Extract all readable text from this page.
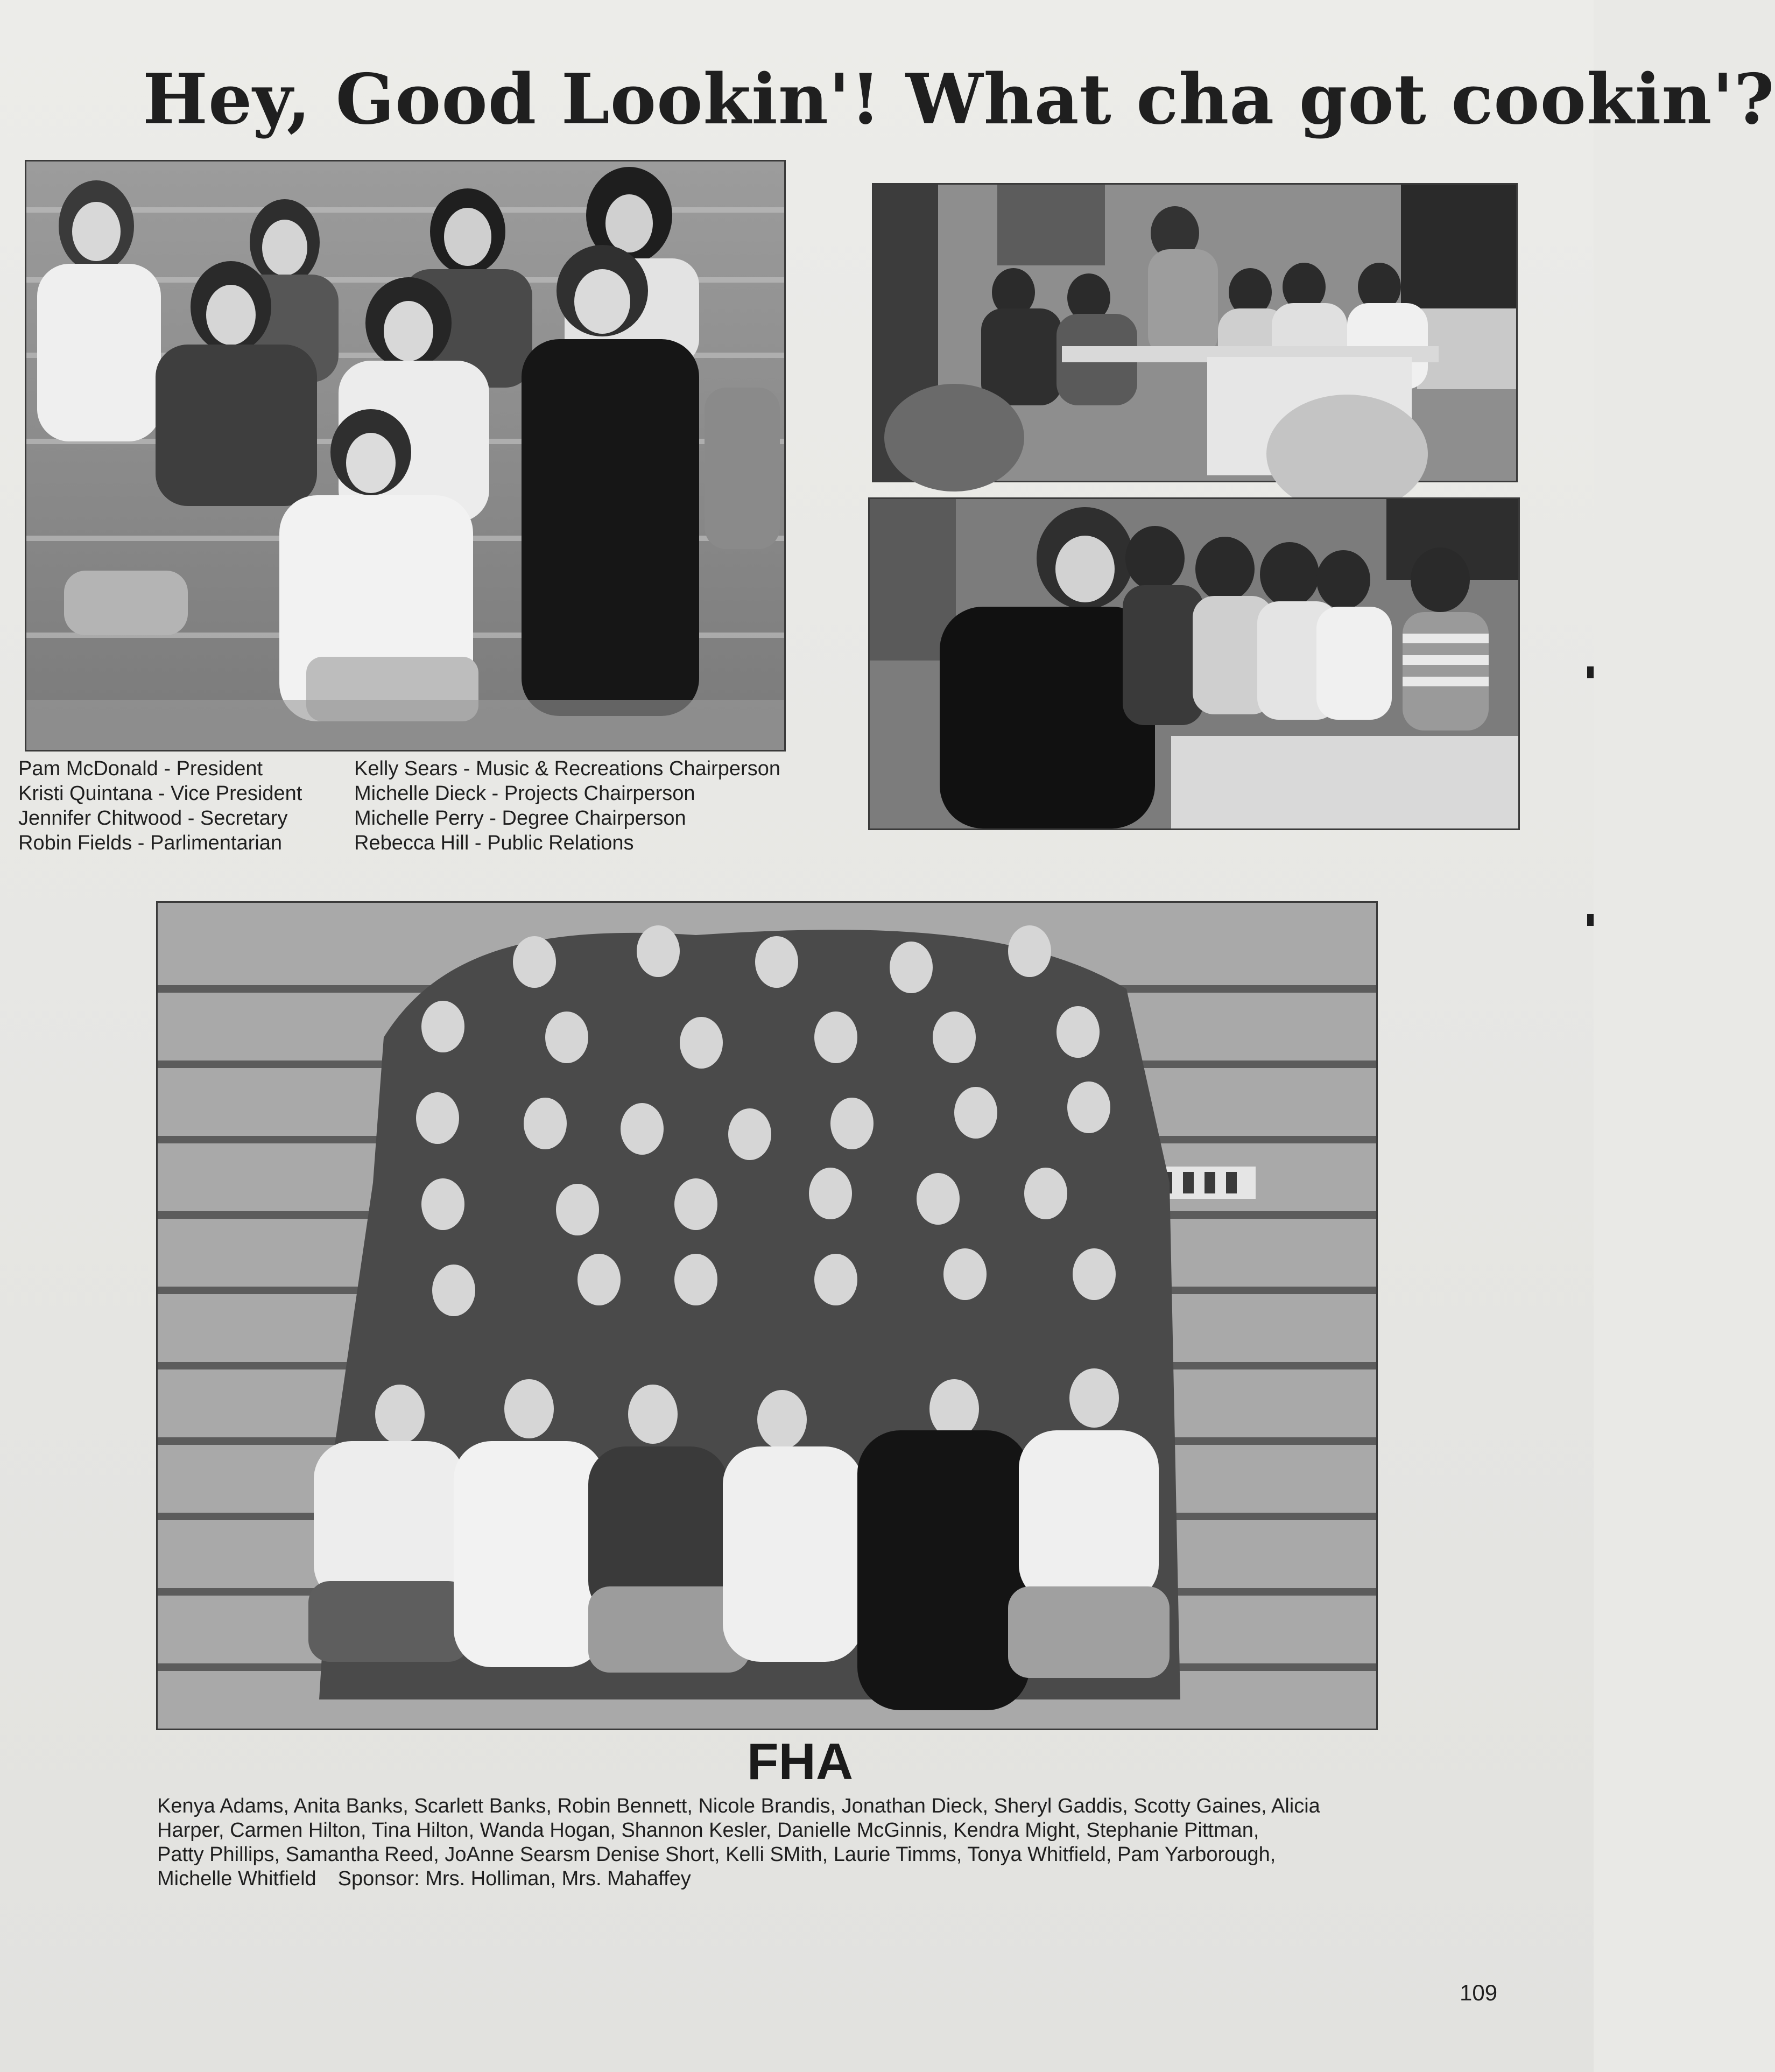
Hey, Good Lookin'! What cha got cookin'?
Pam McDonald - President
Kristi Quintana - Vice President
Jennifer Chitwood - Secretary
Robin Fields - Parlimentarian
Kelly Sears - Music & Recreations Chairperson
Michelle Dieck - Projects Chairperson
Michelle Perry - Degree Chairperson
Rebecca Hill - Public Relations
FHA
Kenya Adams, Anita Banks, Scarlett Banks, Robin Bennett, Nicole Brandis, Jonathan Dieck, Sheryl Gaddis, Scotty Gaines, Alicia
Harper, Carmen Hilton, Tina Hilton, Wanda Hogan, Shannon Kesler, Danielle McGinnis, Kendra Might, Stephanie Pittman,
Patty Phillips, Samantha Reed, JoAnne Searsm Denise Short, Kelli SMith, Laurie Timms, Tonya Whitfield, Pam Yarborough,
Michelle Whitfield Sponsor: Mrs. Holliman, Mrs. Mahaffey
109
